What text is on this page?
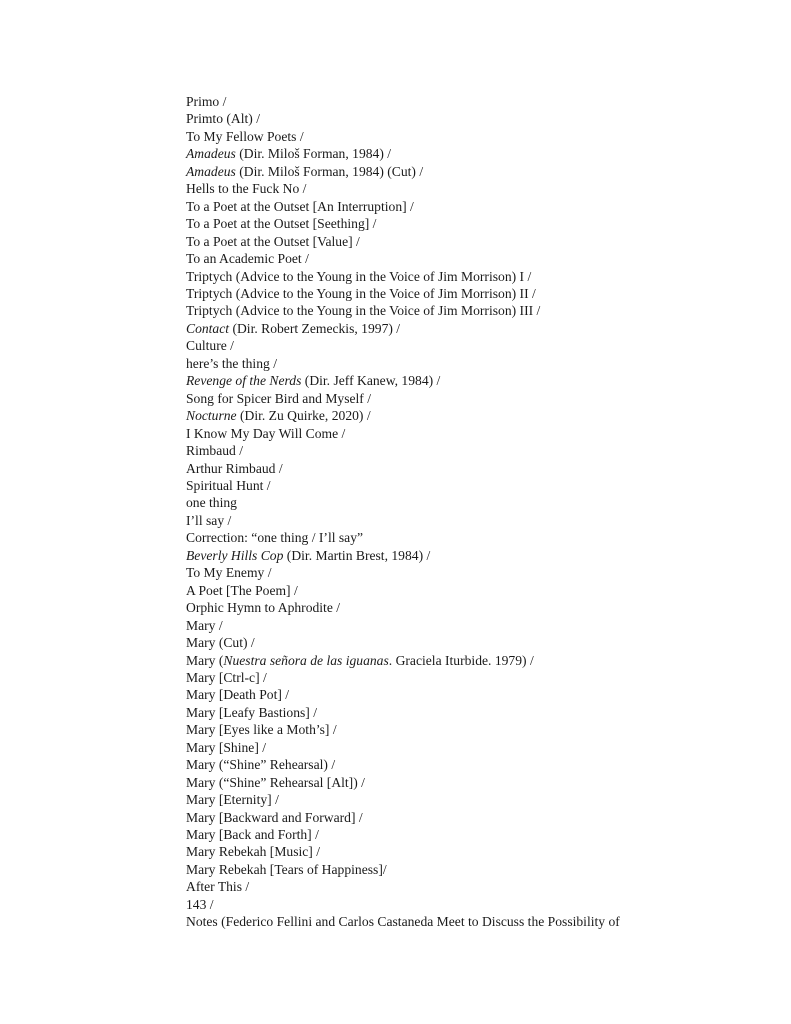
Primo /
Primto (Alt) /
To My Fellow Poets /
Amadeus (Dir. Miloš Forman, 1984) /
Amadeus (Dir. Miloš Forman, 1984) (Cut) /
Hells to the Fuck No /
To a Poet at the Outset [An Interruption] /
To a Poet at the Outset [Seething] /
To a Poet at the Outset [Value] /
To an Academic Poet /
Triptych (Advice to the Young in the Voice of Jim Morrison) I /
Triptych (Advice to the Young in the Voice of Jim Morrison) II /
Triptych (Advice to the Young in the Voice of Jim Morrison) III /
Contact (Dir. Robert Zemeckis, 1997) /
Culture /
here’s the thing /
Revenge of the Nerds (Dir. Jeff Kanew, 1984) /
Song for Spicer Bird and Myself /
Nocturne (Dir. Zu Quirke, 2020) /
I Know My Day Will Come /
Rimbaud /
Arthur Rimbaud /
Spiritual Hunt /
one thing
I’ll say /
Correction: “one thing / I’ll say”
Beverly Hills Cop (Dir. Martin Brest, 1984) /
To My Enemy /
A Poet [The Poem] /
Orphic Hymn to Aphrodite /
Mary /
Mary (Cut) /
Mary (Nuestra señora de las iguanas. Graciela Iturbide. 1979) /
Mary [Ctrl-c] /
Mary [Death Pot] /
Mary [Leafy Bastions] /
Mary [Eyes like a Moth’s] /
Mary [Shine] /
Mary (“Shine” Rehearsal) /
Mary (“Shine” Rehearsal [Alt]) /
Mary [Eternity] /
Mary [Backward and Forward] /
Mary [Back and Forth] /
Mary Rebekah [Music] /
Mary Rebekah [Tears of Happiness]/
After This /
143 /
Notes (Federico Fellini and Carlos Castaneda Meet to Discuss the Possibility of
